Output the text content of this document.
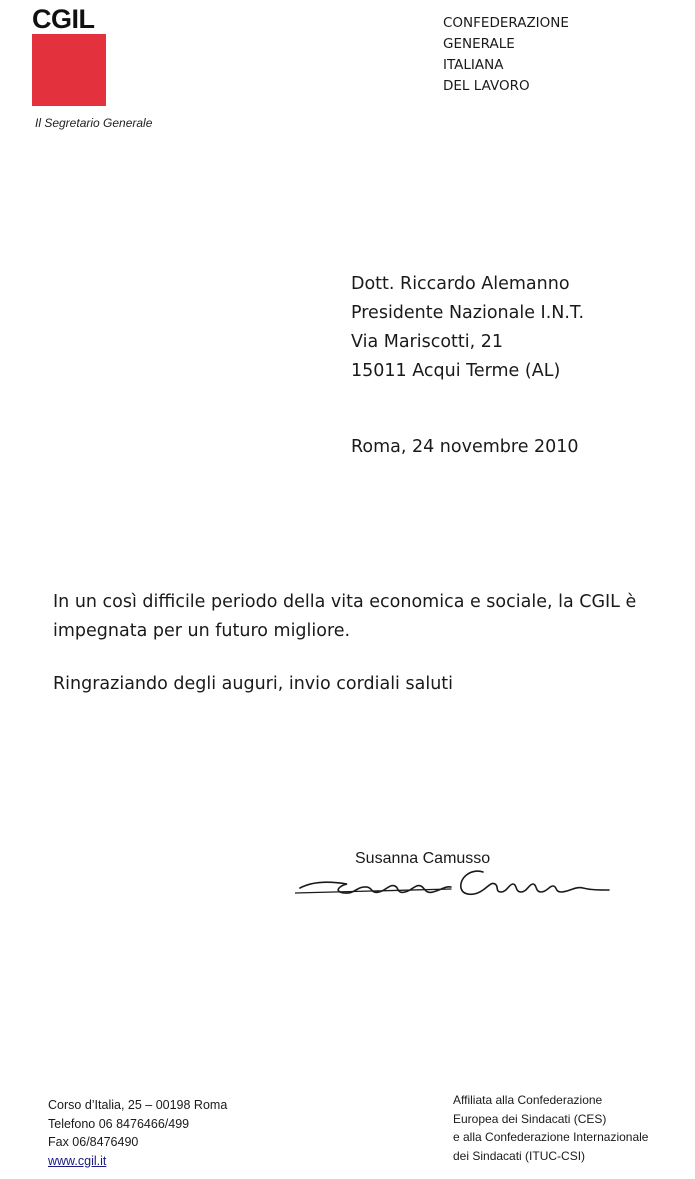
CGIL
Il Segretario Generale
CONFEDERAZIONE
GENERALE
ITALIANA
DEL LAVORO
Dott. Riccardo Alemanno
Presidente Nazionale I.N.T.
Via Mariscotti, 21
15011 Acqui Terme (AL)
Roma, 24 novembre 2010

In un così difficile periodo della vita economica e sociale, la CGIL è impegnata per un futuro migliore.

Ringraziando degli auguri, invio cordiali saluti

Susanna Camusso
Corso d’Italia, 25 – 00198 Roma
Telefono 06 8476466/499
Fax 06/8476490
www.cgil.it
Affiliata alla Confederazione
Europea dei Sindacati (CES)
e alla Confederazione Internazionale
dei Sindacati (ITUC-CSI)
